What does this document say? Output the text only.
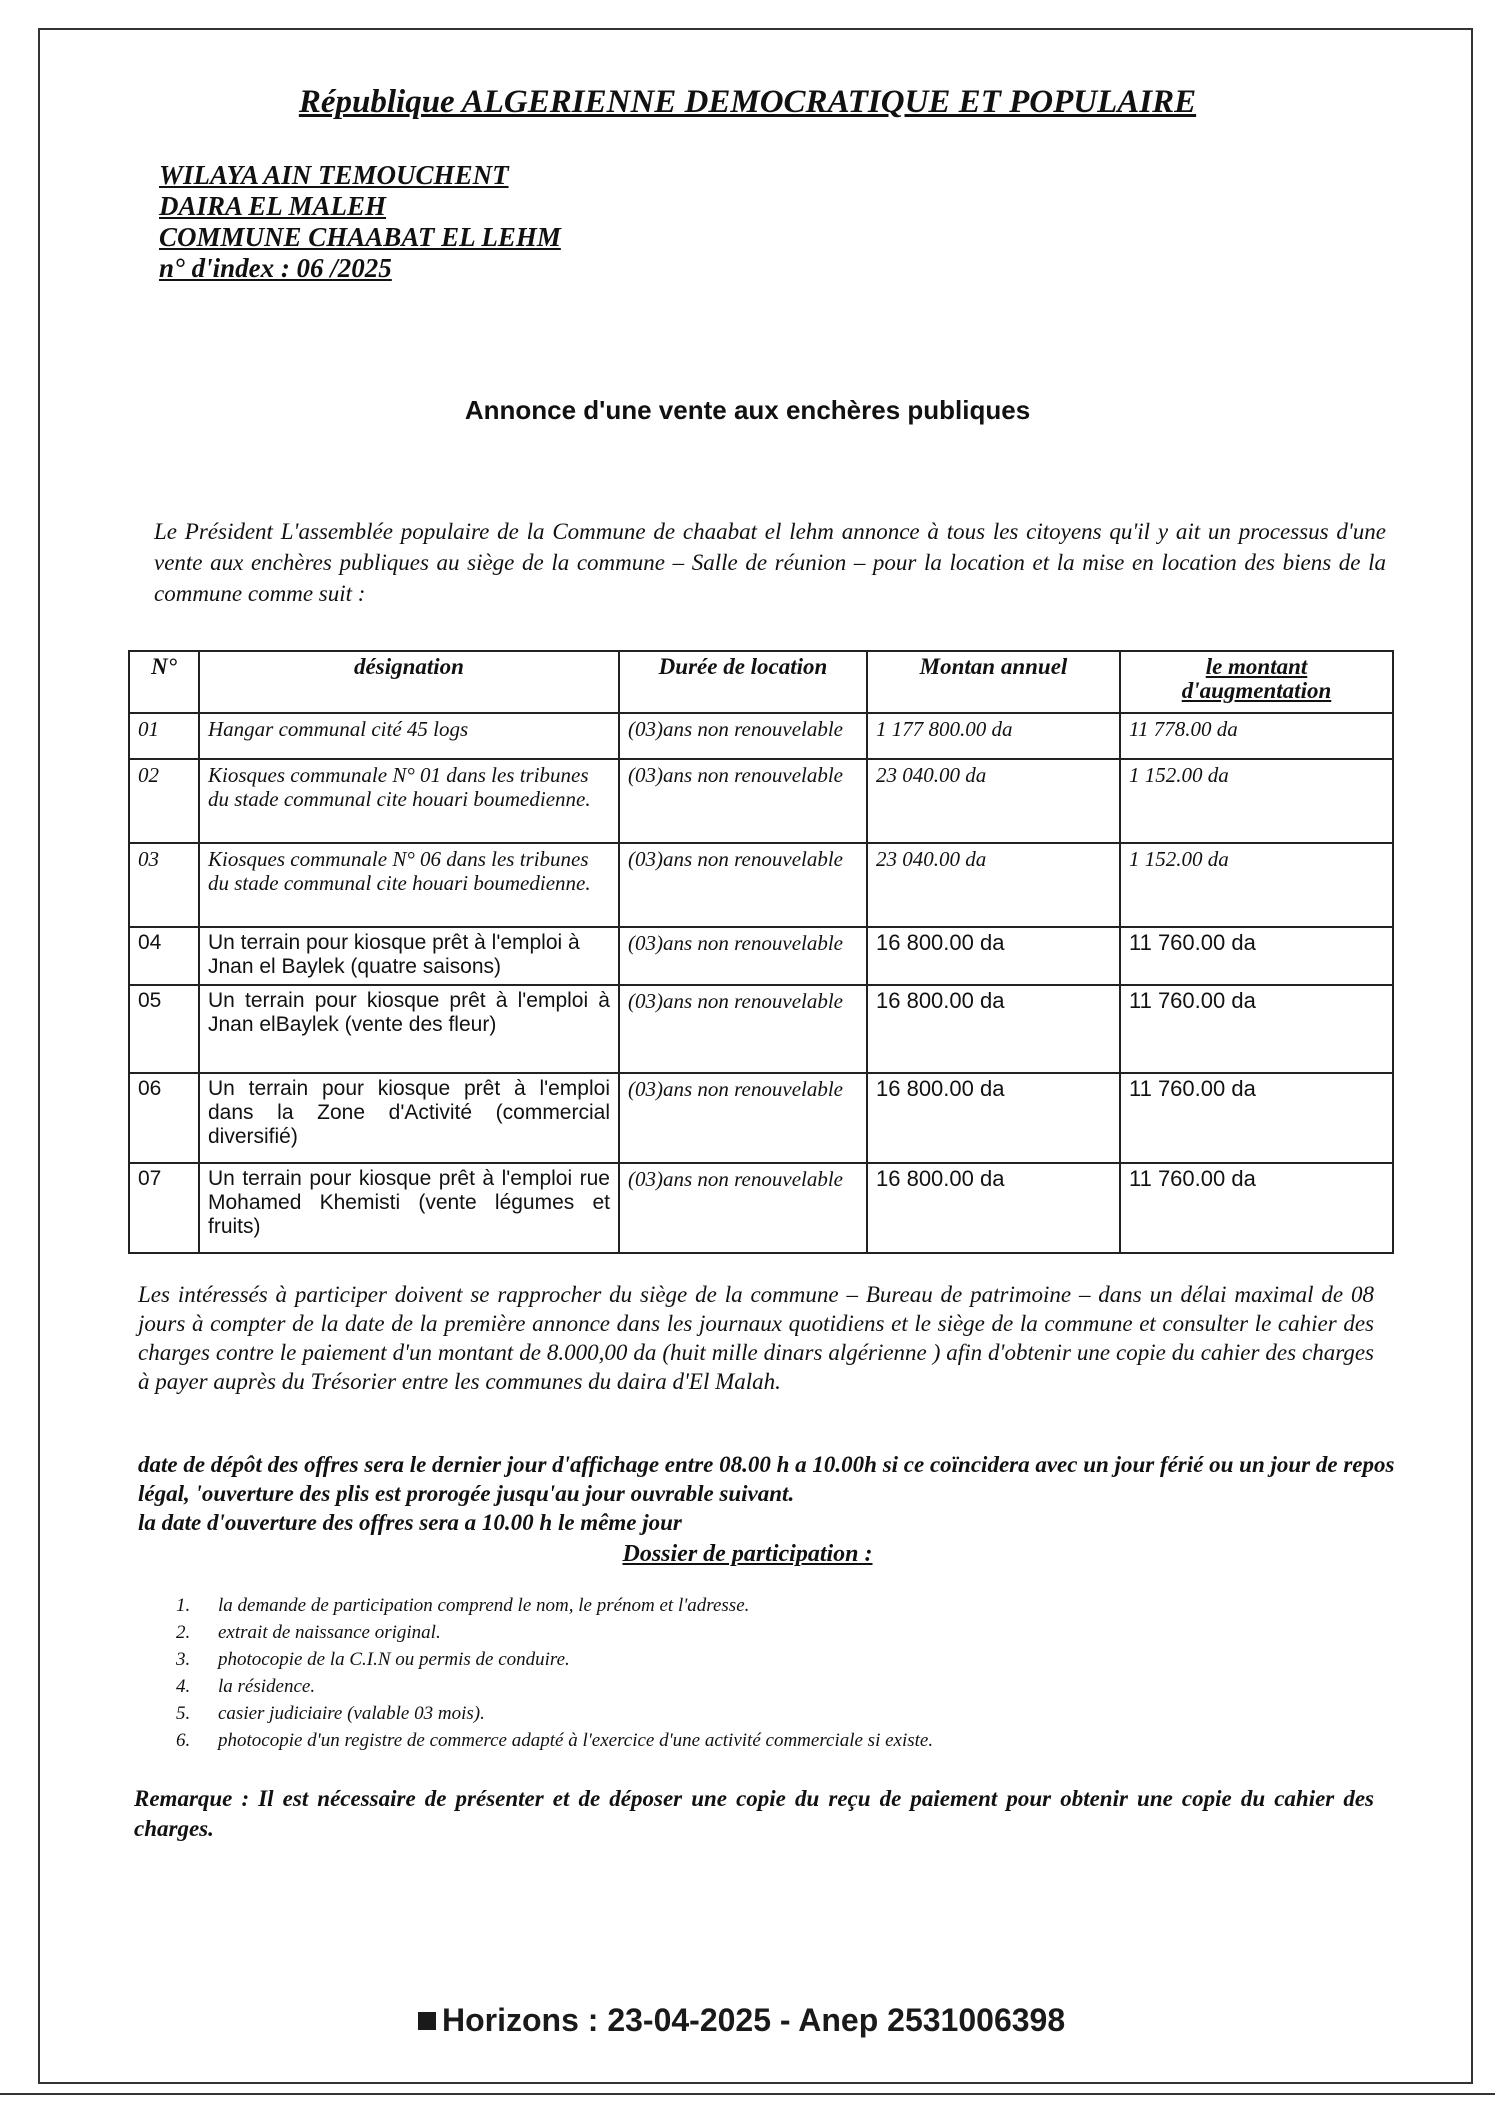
République ALGERIENNE DEMOCRATIQUE ET POPULAIRE
WILAYA AIN TEMOUCHENT
DAIRA EL MALEH
COMMUNE CHAABAT EL LEHM
n° d'index : 06 /2025
Annonce d'une vente aux enchères publiques
Le Président L'assemblée populaire de la Commune de chaabat el lehm annonce à tous les citoyens qu'il y ait un processus d'une vente aux enchères publiques au siège de la commune – Salle de réunion – pour la location et la mise en location des biens de la commune comme suit :
N°	désignation	Durée de location	Montan annuel	le montant d'augmentation
01	Hangar communal cité 45 logs	(03)ans non renouvelable	1 177 800.00 da	11 778.00 da
02	Kiosques communale N° 01 dans les tribunes du stade communal cite houari boumedienne.	(03)ans non renouvelable	23 040.00 da	1 152.00 da
03	Kiosques communale N° 06 dans les tribunes du stade communal cite houari boumedienne.	(03)ans non renouvelable	23 040.00 da	1 152.00 da
04	Un terrain pour kiosque prêt à l'emploi à Jnan el Baylek (quatre saisons)	(03)ans non renouvelable	16 800.00 da	11 760.00 da
05	Un terrain pour kiosque prêt à l'emploi à Jnan elBaylek (vente des fleur)	(03)ans non renouvelable	16 800.00 da	11 760.00 da
06	Un terrain pour kiosque prêt à l'emploi dans la Zone d'Activité (commercial diversifié)	(03)ans non renouvelable	16 800.00 da	11 760.00 da
07	Un terrain pour kiosque prêt à l'emploi rue Mohamed Khemisti (vente légumes et fruits)	(03)ans non renouvelable	16 800.00 da	11 760.00 da
Les intéressés à participer doivent se rapprocher du siège de la commune – Bureau de patrimoine – dans un délai maximal de 08 jours à compter de la date de la première annonce dans les journaux quotidiens et le siège de la commune et consulter le cahier des charges contre le paiement d'un montant de 8.000,00 da (huit mille dinars algérienne ) afin d'obtenir une copie du cahier des charges à payer auprès du Trésorier entre les communes du daira d'El Malah.
date de dépôt des offres sera le dernier jour d'affichage entre 08.00 h a 10.00h si ce coïncidera avec un jour férié ou un jour de repos légal, 'ouverture des plis est prorogée jusqu'au jour ouvrable suivant.
la date d'ouverture des offres sera a 10.00 h le même jour
Dossier de participation :
1. la demande de participation comprend le nom, le prénom et l'adresse.
2. extrait de naissance original.
3. photocopie de la C.I.N ou permis de conduire.
4. la résidence.
5. casier judiciaire (valable 03 mois).
6. photocopie d'un registre de commerce adapté à l'exercice d'une activité commerciale si existe.
Remarque : Il est nécessaire de présenter et de déposer une copie du reçu de paiement pour obtenir une copie du cahier des charges.
Horizons : 23-04-2025 - Anep 2531006398
